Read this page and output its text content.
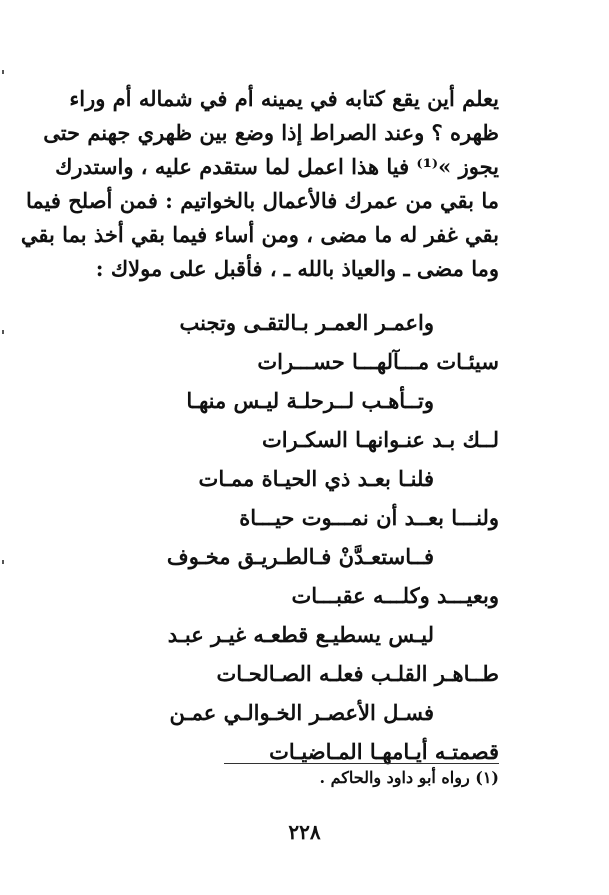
يعلم أين يقع كتابه في يمينه أم في شماله أم وراء
ظهره ؟ وعند الصراط إذا وضع بين ظهري جهنم حتى
يجوز »⁽¹⁾ فيا هذا اعمل لما ستقدم عليه ، واستدرك
ما بقي من عمرك فالأعمال بالخواتيم : فمن أصلح فيما
بقي غفر له ما مضى ، ومن أساء فيما بقي أخذ بما بقي
وما مضى ـ والعياذ بالله ـ ، فأقبل على مولاك :
واعمـر العمـر بـالتقـى وتجنب
سيئـات مـــآلهـــا حســـرات
وتــأهـب لــرحلـة ليـس منهـا
لــك بـد عنـوانهـا السكـرات
فلنـا بعـد ذي الحيـاة ممـات
ولنـــا بعــد أن نمـــوت حيـــاة
فــاستعـدَّنْ فـالطـريـق مخـوف
وبعيـــد وكلـــه عقبـــات
ليـس يسطيـع قطعـه غيـر عبـد
طــاهـر القلـب فعلـه الصـالحـات
فسـل الأعصـر الخـوالـي عمـن
قصمتـه أيـامهـا المـاضيـات
(١) رواه أبو داود والحاكم .
٢٢٨
